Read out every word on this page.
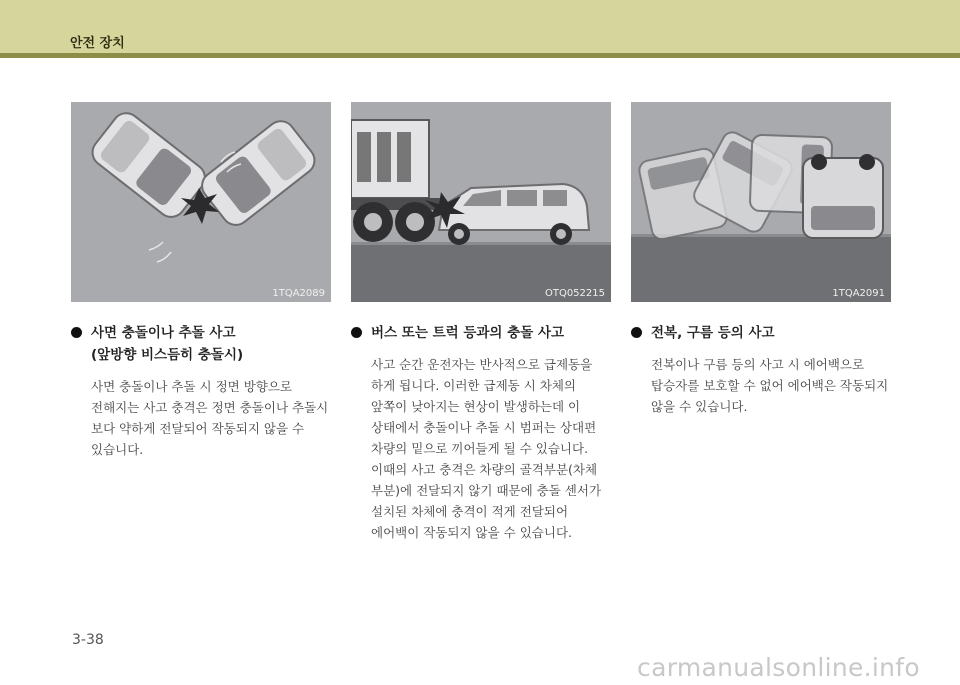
안전 장치
1TQA2089	OTQ052215	1TQA2091
사면 충돌이나 추돌 사고
(앞방향 비스듬히 충돌시)
사면 충돌이나 추돌 시 정면 방향으로 전해지는 사고 충격은 정면 충돌이나 추돌시 보다 약하게 전달되어 작동되지 않을 수 있습니다.
버스 또는 트럭 등과의 충돌 사고
사고 순간 운전자는 반사적으로 급제동을 하게 됩니다. 이러한 급제동 시 차체의 앞쪽이 낮아지는 현상이 발생하는데 이 상태에서 충돌이나 추돌 시 범퍼는 상대편 차량의 밑으로 끼어들게 될 수 있습니다. 이때의 사고 충격은 차량의 골격부분(차체 부분)에 전달되지 않기 때문에 충돌 센서가 설치된 차체에 충격이 적게 전달되어 에어백이 작동되지 않을 수 있습니다.
전복, 구름 등의 사고
전복이나 구름 등의 사고 시 에어백으로 탑승자를 보호할 수 없어 에어백은 작동되지 않을 수 있습니다.
3-38
carmanualsonline.info
